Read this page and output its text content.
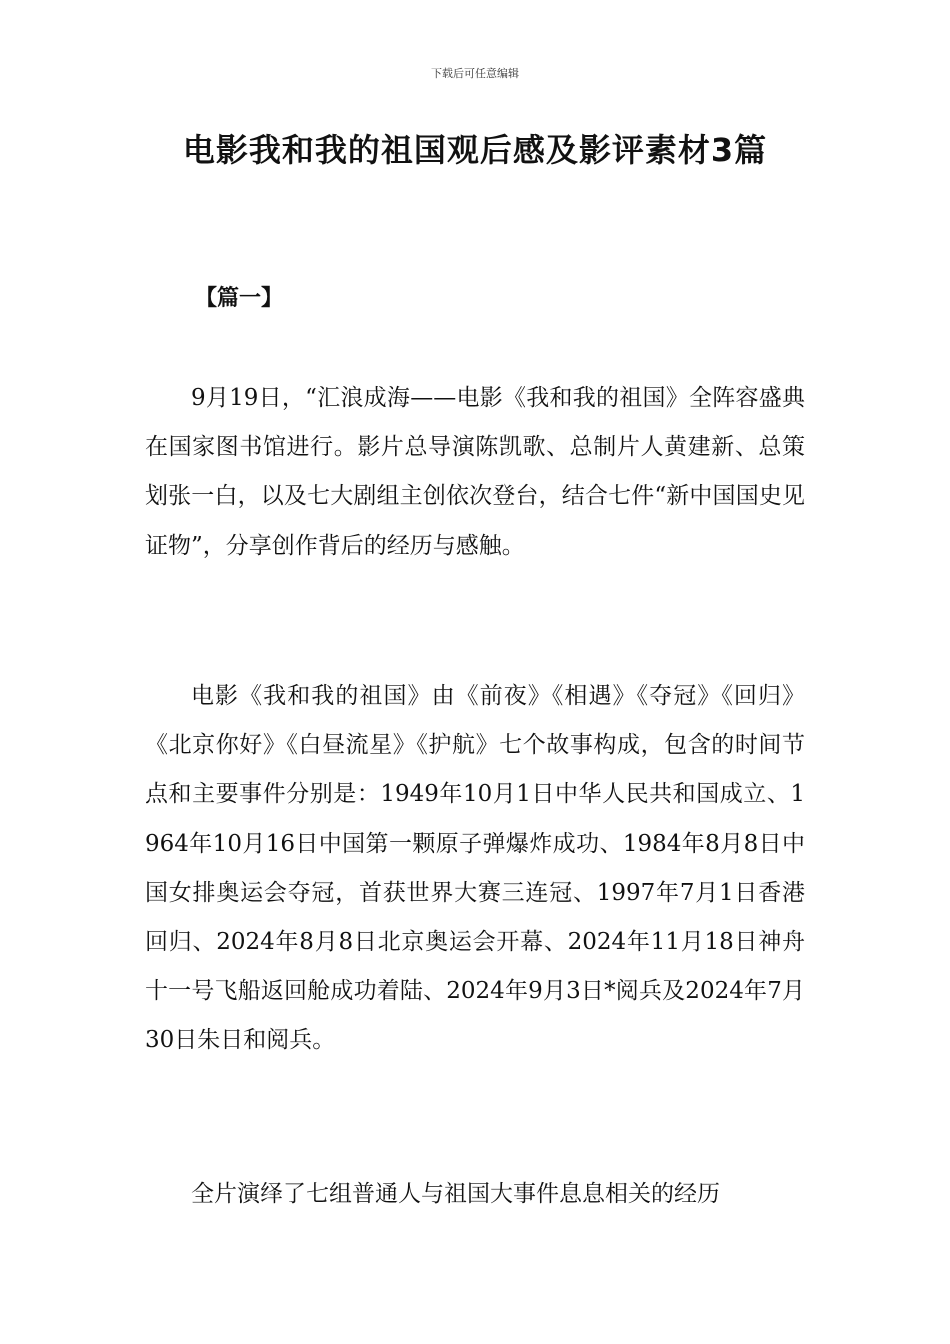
下载后可任意编辑
电影我和我的祖国观后感及影评素材3篇
【篇一】

9月19日，“汇浪成海——电影《我和我的祖国》全阵容盛典在国家图书馆进行。影片总导演陈凯歌、总制片人黄建新、总策划张一白，以及七大剧组主创依次登台，结合七件“新中国国史见证物”，分享创作背后的经历与感触。

电影《我和我的祖国》由《前夜》《相遇》《夺冠》《回归》《北京你好》《白昼流星》《护航》七个故事构成，包含的时间节点和主要事件分别是：1949年10月1日中华人民共和国成立、1964年10月16日中国第一颗原子弹爆炸成功、1984年8月8日中国女排奥运会夺冠，首获世界大赛三连冠、1997年7月1日香港回归、2024年8月8日北京奥运会开幕、2024年11月18日神舟十一号飞船返回舱成功着陆、2024年9月3日*阅兵及2024年7月30日朱日和阅兵。

全片演绎了七组普通人与祖国大事件息息相关的经历
